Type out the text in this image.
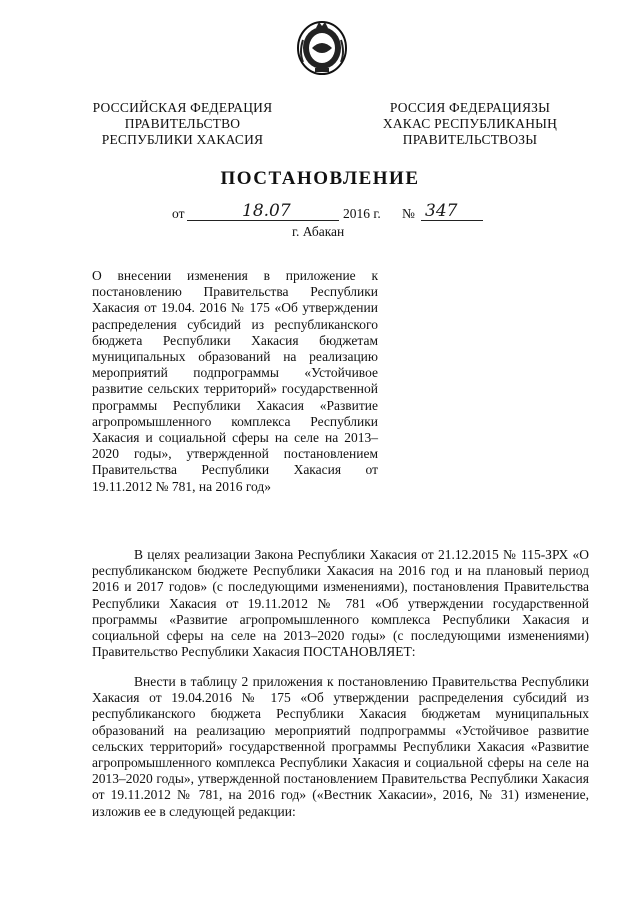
РОССИЙСКАЯ ФЕДЕРАЦИЯ
ПРАВИТЕЛЬСТВО
РЕСПУБЛИКИ ХАКАСИЯ
РОССИЯ ФЕДЕРАЦИЯЗЫ
ХАКАС РЕСПУБЛИКАНЫҢ
ПРАВИТЕЛЬСТВОЗЫ
ПОСТАНОВЛЕНИЕ
от	18.07	2016 г. № 347
г. Абакан

О внесении изменения в приложение к постановлению Правительства Республики Хакасия от 19.04. 2016 № 175 «Об утверждении распределения субсидий из республиканского бюджета Республики Хакасия бюджетам муниципальных образований на реализацию мероприятий подпрограммы «Устойчивое развитие сельских территорий» государственной программы Республики Хакасия «Развитие агропромышленного комплекса Республики Хакасия и социальной сферы на селе на 2013–2020 годы», утвержденной постановлением Правительства Республики Хакасия от 19.11.2012 № 781, на 2016 год»

В целях реализации Закона Республики Хакасия от 21.12.2015 № 115-ЗРХ «О республиканском бюджете Республики Хакасия на 2016 год и на плановый период 2016 и 2017 годов» (с последующими изменениями), постановления Правительства Республики Хакасия от 19.11.2012 № 781 «Об утверждении государственной программы «Развитие агропромышленного комплекса Республики Хакасия и социальной сферы на селе на 2013–2020 годы» (с последующими изменениями) Правительство Республики Хакасия ПОСТАНОВЛЯЕТ:

Внести в таблицу 2 приложения к постановлению Правительства Республики Хакасия от 19.04.2016 № 175 «Об утверждении распределения субсидий из республиканского бюджета Республики Хакасия бюджетам муниципальных образований на реализацию мероприятий подпрограммы «Устойчивое развитие сельских территорий» государственной программы Республики Хакасия «Развитие агропромышленного комплекса Республики Хакасия и социальной сферы на селе на 2013–2020 годы», утвержденной постановлением Правительства Республики Хакасия от 19.11.2012 № 781, на 2016 год» («Вестник Хакасии», 2016, № 31) изменение, изложив ее в следующей редакции:
